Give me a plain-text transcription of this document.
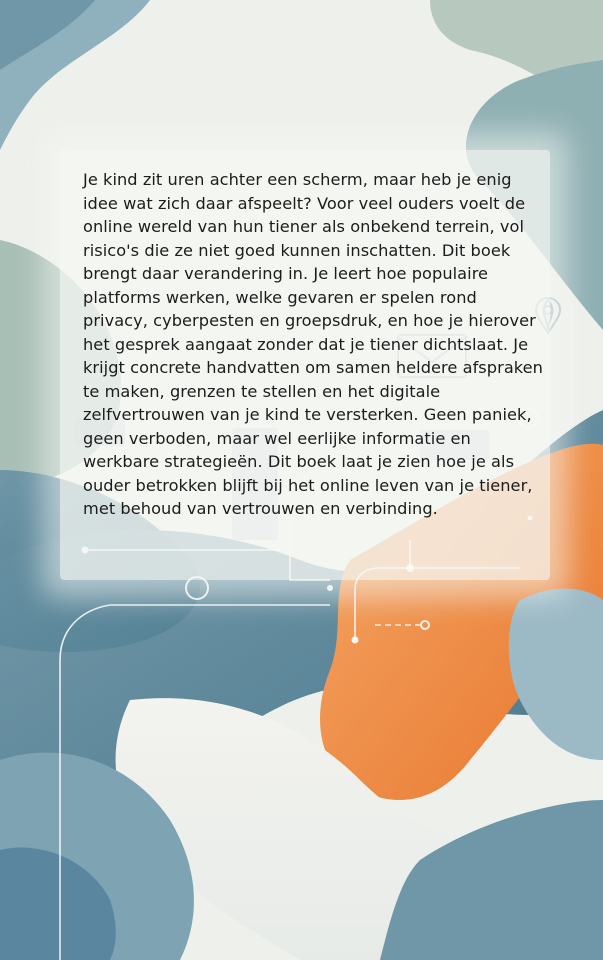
Je kind zit uren achter een scherm, maar heb je enig idee wat zich daar afspeelt? Voor veel ouders voelt de online wereld van hun tiener als onbekend terrein, vol risico's die ze niet goed kunnen inschatten. Dit boek brengt daar verandering in. Je leert hoe populaire platforms werken, welke gevaren er spelen rond privacy, cyberpesten en groepsdruk, en hoe je hierover het gesprek aangaat zonder dat je tiener dichtslaat. Je krijgt concrete handvatten om samen heldere afspraken te maken, grenzen te stellen en het digitale zelfvertrouwen van je kind te versterken. Geen paniek, geen verboden, maar wel eerlijke informatie en werkbare strategieën. Dit boek laat je zien hoe je als ouder betrokken blijft bij het online leven van je tiener, met behoud van vertrouwen en verbinding.
